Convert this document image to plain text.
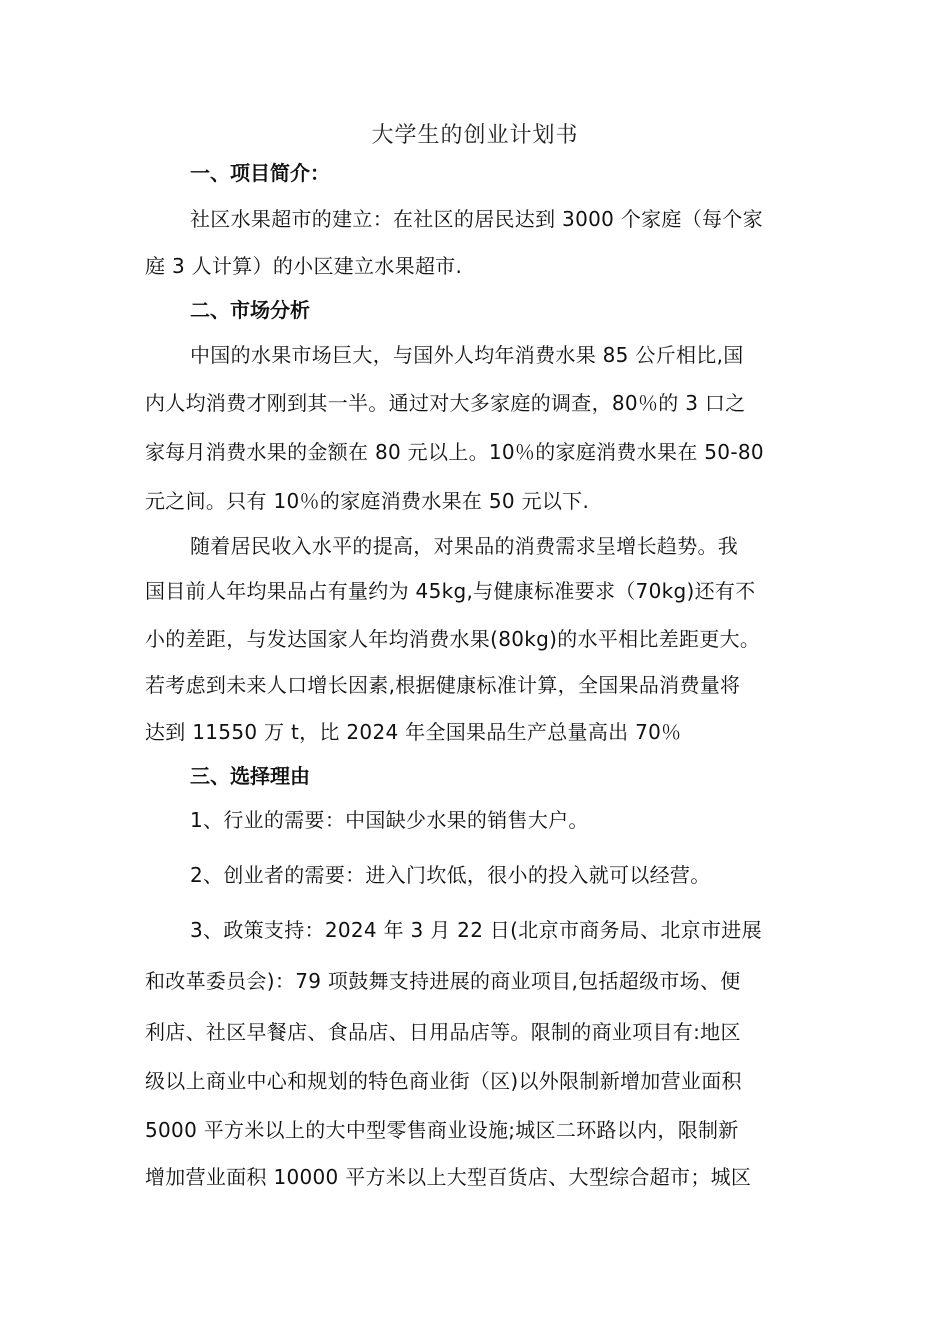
大学生的创业计划书
一、项目简介：
社区水果超市的建立：在社区的居民达到 3000 个家庭（每个家
庭 3 人计算）的小区建立水果超市.
二、市场分析
中国的水果市场巨大，与国外人均年消费水果 85 公斤相比,国
内人均消费才刚到其一半。通过对大多家庭的调查，80％的 3 口之
家每月消费水果的金额在 80 元以上。10％的家庭消费水果在 50-80
元之间。只有 10％的家庭消费水果在 50 元以下.
随着居民收入水平的提高，对果品的消费需求呈增长趋势。我
国目前人年均果品占有量约为 45kg,与健康标准要求（70kg)还有不
小的差距，与发达国家人年均消费水果(80kg)的水平相比差距更大。
若考虑到未来人口增长因素,根据健康标准计算，全国果品消费量将
达到 11550 万 t，比 2024 年全国果品生产总量高出 70％
三、选择理由
1、行业的需要：中国缺少水果的销售大户。
2、创业者的需要：进入门坎低，很小的投入就可以经营。
3、政策支持：2024 年 3 月 22 日(北京市商务局、北京市进展
和改革委员会)：79 项鼓舞支持进展的商业项目,包括超级市场、便
利店、社区早餐店、食品店、日用品店等。限制的商业项目有:地区
级以上商业中心和规划的特色商业街（区)以外限制新增加营业面积
5000 平方米以上的大中型零售商业设施;城区二环路以内，限制新
增加营业面积 10000 平方米以上大型百货店、大型综合超市；城区
